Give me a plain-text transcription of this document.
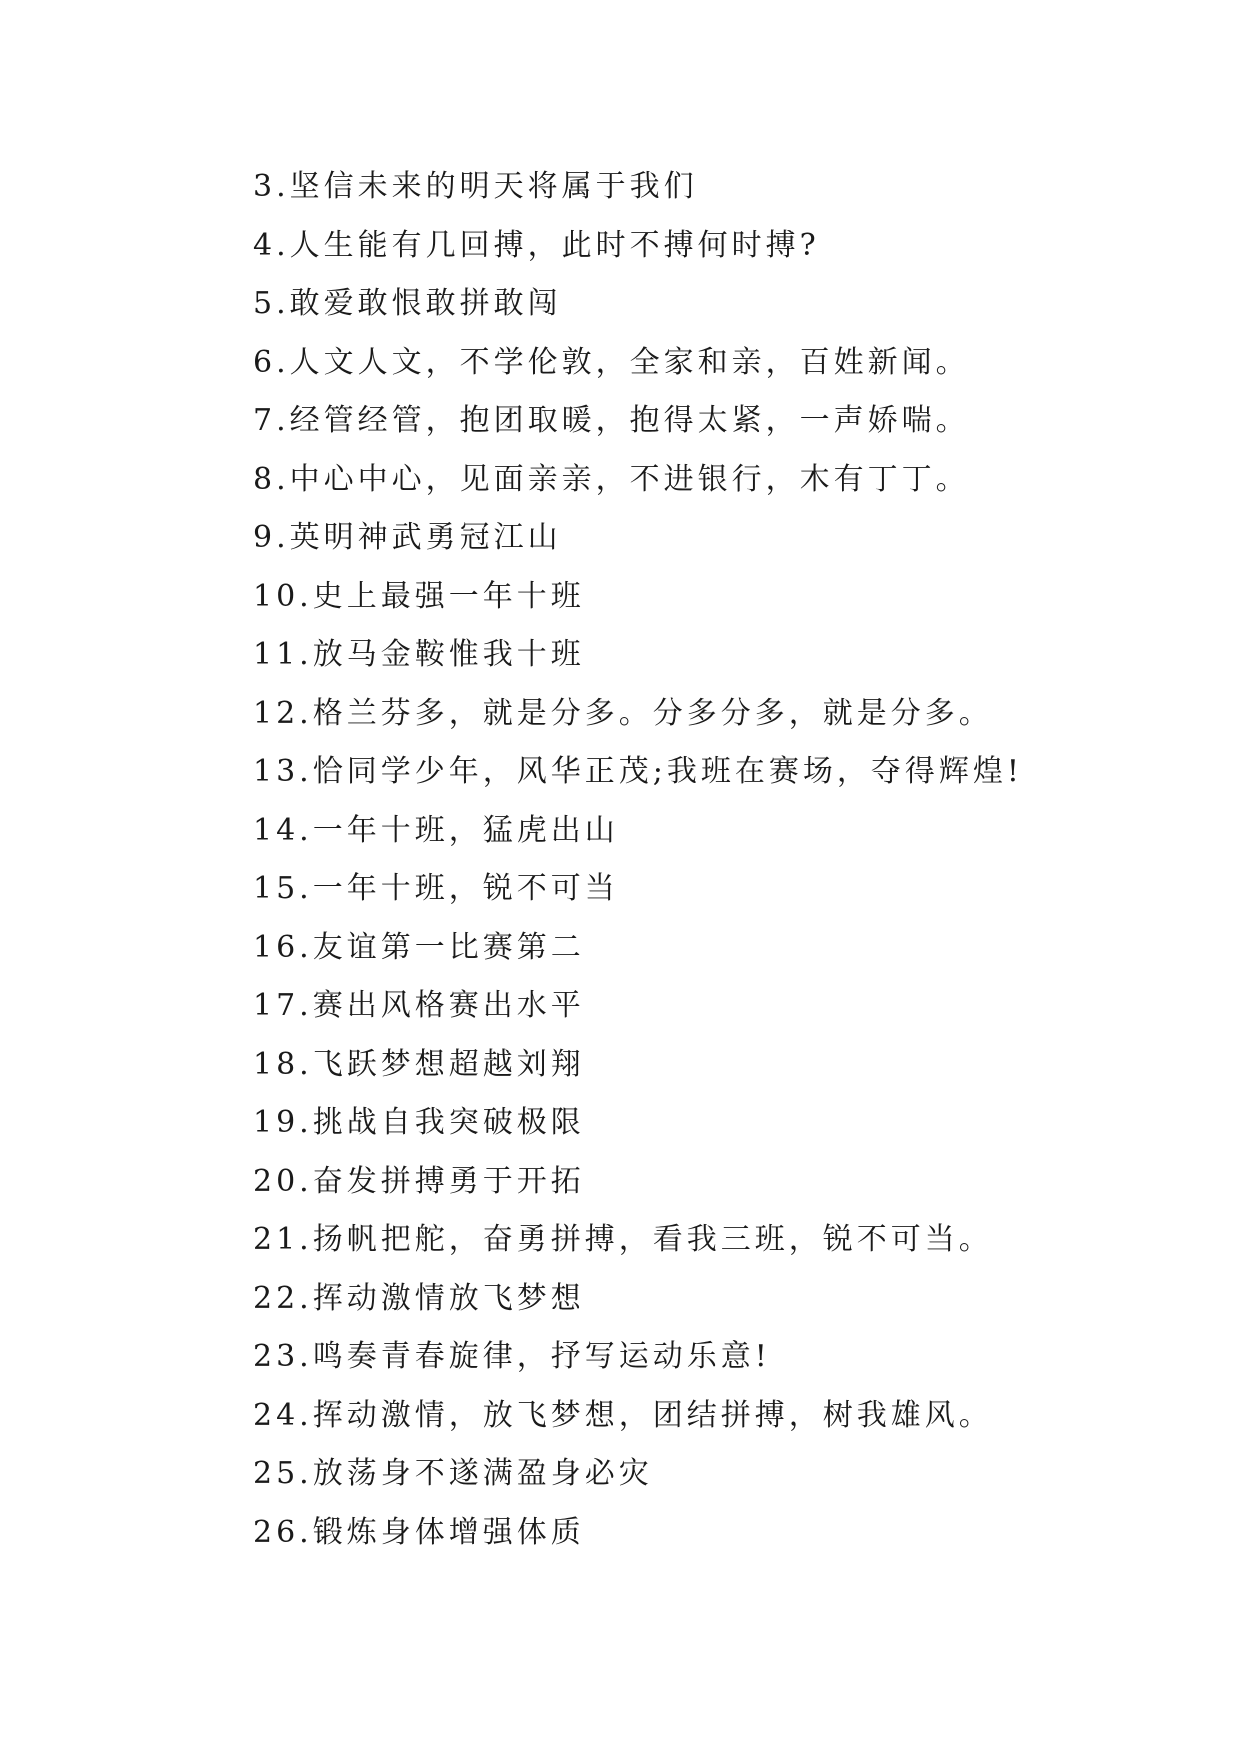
3.坚信未来的明天将属于我们
4.人生能有几回搏，此时不搏何时搏?
5.敢爱敢恨敢拼敢闯
6.人文人文，不学伦敦，全家和亲，百姓新闻。
7.经管经管，抱团取暖，抱得太紧，一声娇喘。
8.中心中心，见面亲亲，不进银行，木有丁丁。
9.英明神武勇冠江山
10.史上最强一年十班
11.放马金鞍惟我十班
12.格兰芬多，就是分多。分多分多，就是分多。
13.恰同学少年，风华正茂;我班在赛场，夺得辉煌!
14.一年十班，猛虎出山
15.一年十班，锐不可当
16.友谊第一比赛第二
17.赛出风格赛出水平
18.飞跃梦想超越刘翔
19.挑战自我突破极限
20.奋发拼搏勇于开拓
21.扬帆把舵，奋勇拼搏，看我三班，锐不可当。
22.挥动激情放飞梦想
23.鸣奏青春旋律，抒写运动乐意!
24.挥动激情，放飞梦想，团结拼搏，树我雄风。
25.放荡身不遂满盈身必灾
26.锻炼身体增强体质
